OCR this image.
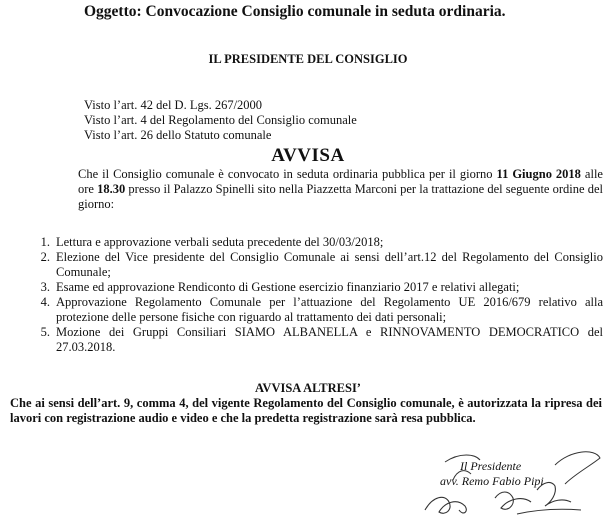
Oggetto: Convocazione Consiglio comunale in seduta ordinaria.
IL PRESIDENTE DEL CONSIGLIO
Visto l’art. 42 del D. Lgs. 267/2000
Visto l’art. 4 del Regolamento del Consiglio comunale
Visto l’art. 26 dello Statuto comunale
AVVISA
Che il Consiglio comunale è convocato in seduta ordinaria pubblica per il giorno 11 Giugno 2018 alle ore 18.30 presso il Palazzo Spinelli sito nella Piazzetta Marconi per la trattazione del seguente ordine del giorno:
1. Lettura e approvazione verbali seduta precedente del 30/03/2018;
2. Elezione del Vice presidente del Consiglio Comunale ai sensi dell’art.12 del Regolamento del Consiglio Comunale;
3. Esame ed approvazione Rendiconto di Gestione esercizio finanziario 2017 e relativi allegati;
4. Approvazione Regolamento Comunale per l’attuazione del Regolamento UE 2016/679 relativo alla protezione delle persone fisiche con riguardo al trattamento dei dati personali;
5. Mozione dei Gruppi Consiliari SIAMO ALBANELLA e RINNOVAMENTO DEMOCRATICO del 27.03.2018.
AVVISA ALTRESI’
Che ai sensi dell’art. 9, comma 4, del vigente Regolamento del Consiglio comunale, è autorizzata la ripresa dei lavori con registrazione audio e video e che la predetta registrazione sarà resa pubblica.
Il Presidente
avv. Remo Fabio Pipi
